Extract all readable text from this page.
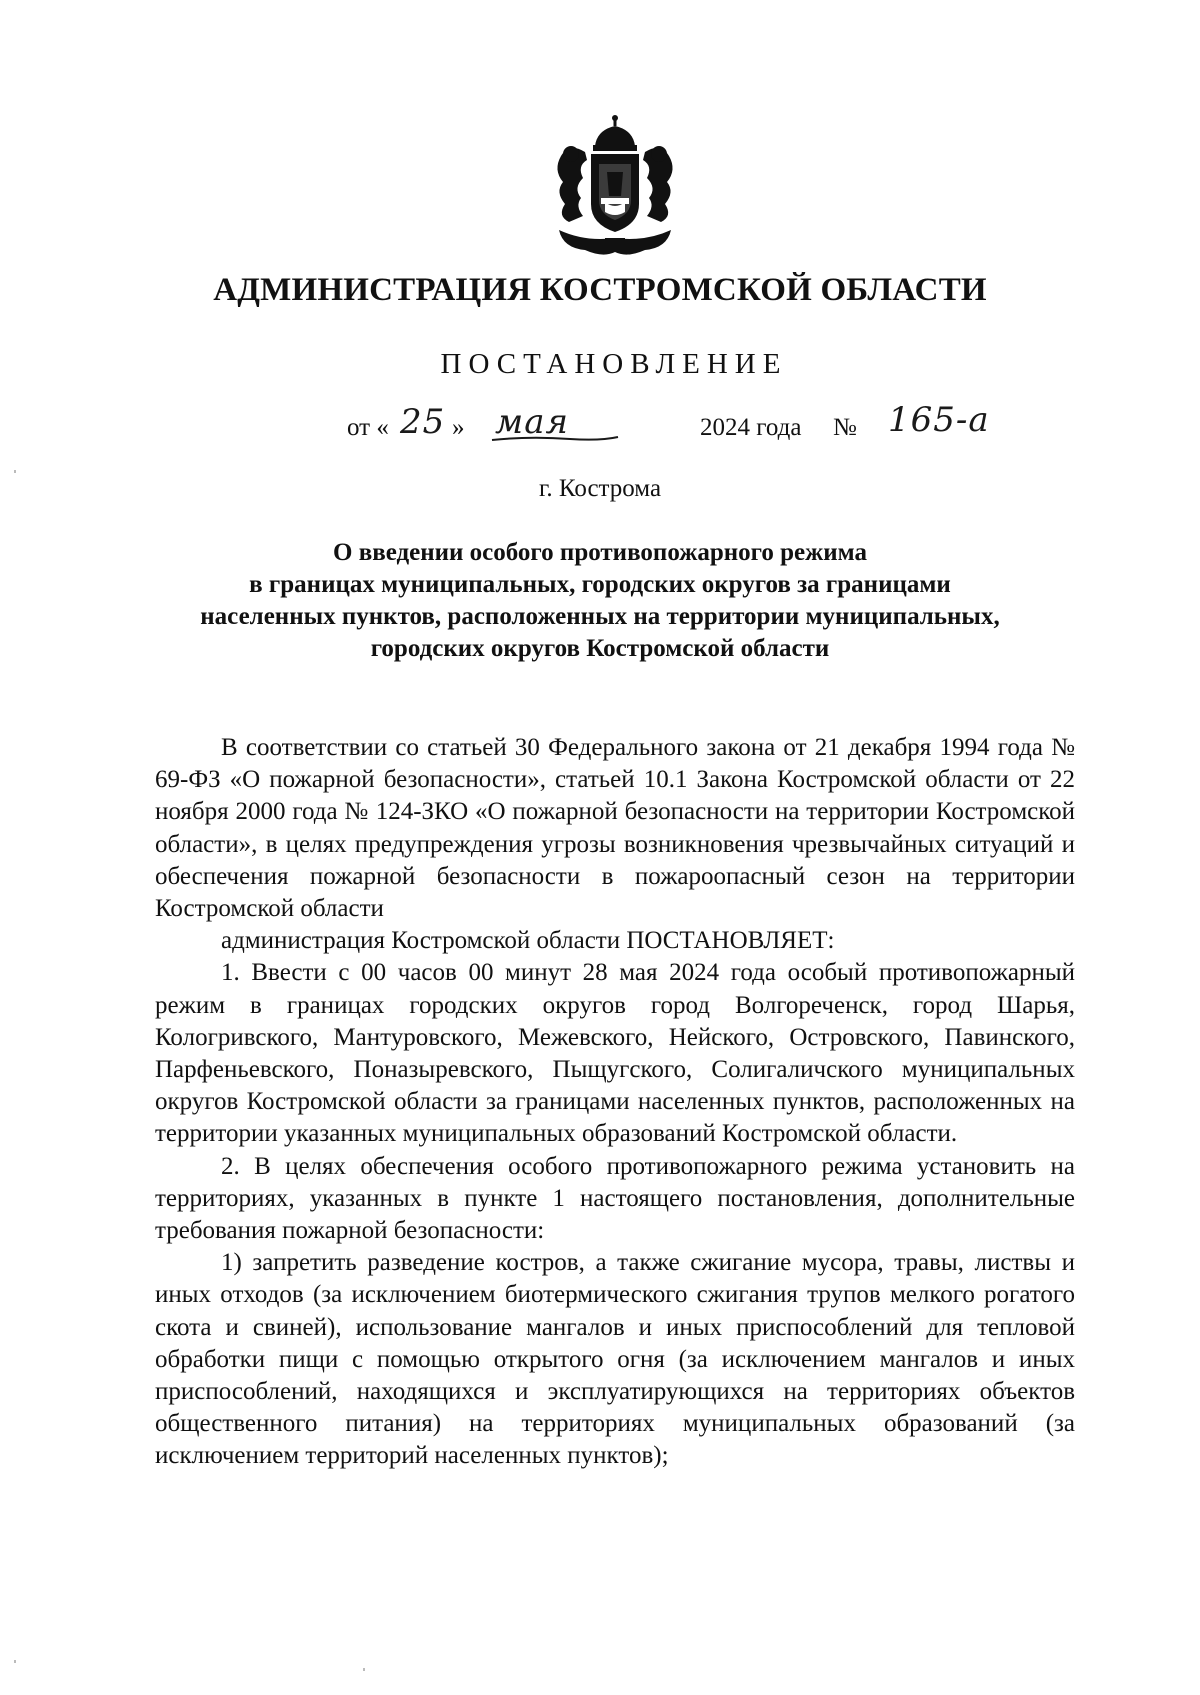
АДМИНИСТРАЦИЯ КОСТРОМСКОЙ ОБЛАСТИ
ПОСТАНОВЛЕНИЕ
от « 25 » мая	2024 года № 165-а
г. Кострома
О введении особого противопожарного режима
в границах муниципальных, городских округов за границами
населенных пунктов, расположенных на территории муниципальных,
городских округов Костромской области

В соответствии со статьей 30 Федерального закона от 21 декабря 1994 года № 69-ФЗ «О пожарной безопасности», статьей 10.1 Закона Костромской области от 22 ноября 2000 года № 124-ЗКО «О пожарной безопасности на территории Костромской области», в целях предупреждения угрозы возникновения чрезвычайных ситуаций и обеспечения пожарной безопасности в пожароопасный сезон на территории Костромской области

администрация Костромской области ПОСТАНОВЛЯЕТ:

1. Ввести с 00 часов 00 минут 28 мая 2024 года особый противопожарный режим в границах городских округов город Волгореченск, город Шарья, Кологривского, Мантуровского, Межевского, Нейского, Островского, Павинского, Парфеньевского, Поназыревского, Пыщугского, Солигаличского муниципальных округов Костромской области за границами населенных пунктов, расположенных на территории указанных муниципальных образований Костромской области.

2. В целях обеспечения особого противопожарного режима установить на территориях, указанных в пункте 1 настоящего постановления, дополнительные требования пожарной безопасности:

1) запретить разведение костров, а также сжигание мусора, травы, листвы и иных отходов (за исключением биотермического сжигания трупов мелкого рогатого скота и свиней), использование мангалов и иных приспособлений для тепловой обработки пищи с помощью открытого огня (за исключением мангалов и иных приспособлений, находящихся и эксплуатирующихся на территориях объектов общественного питания) на территориях муниципальных образований (за исключением территорий населенных пунктов);
